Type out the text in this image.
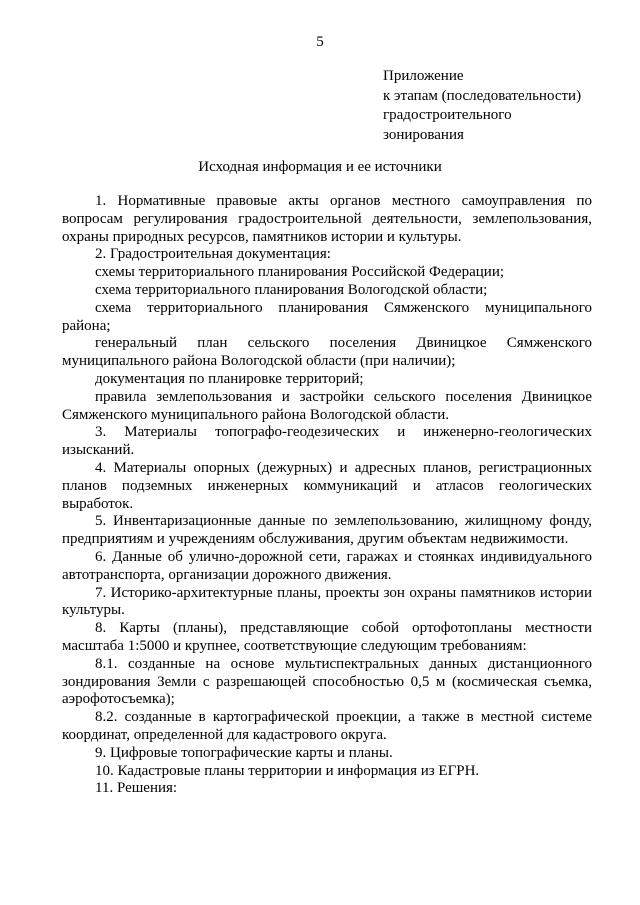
5
Приложение
к этапам (последовательности)
градостроительного
зонирования
Исходная информация и ее источники

1. Нормативные правовые акты органов местного самоуправления по вопросам регулирования градостроительной деятельности, землепользования, охраны природных ресурсов, памятников истории и культуры.

2. Градостроительная документация:

схемы территориального планирования Российской Федерации;

схема территориального планирования Вологодской области;

схема территориального планирования Сямженского муниципального района;

генеральный план сельского поселения Двиницкое Сямженского муниципального района Вологодской области (при наличии);

документация по планировке территорий;

правила землепользования и застройки сельского поселения Двиницкое Сямженского муниципального района Вологодской области.

3. Материалы топографо-геодезических и инженерно-геологических изысканий.

4. Материалы опорных (дежурных) и адресных планов, регистрационных планов подземных инженерных коммуникаций и атласов геологических выработок.

5. Инвентаризационные данные по землепользованию, жилищному фонду, предприятиям и учреждениям обслуживания, другим объектам недвижимости.

6. Данные об улично-дорожной сети, гаражах и стоянках индивидуального автотранспорта, организации дорожного движения.

7. Историко-архитектурные планы, проекты зон охраны памятников истории культуры.

8. Карты (планы), представляющие собой ортофотопланы местности масштаба 1:5000 и крупнее, соответствующие следующим требованиям:

8.1. созданные на основе мультиспектральных данных дистанционного зондирования Земли с разрешающей способностью 0,5 м (космическая съемка, аэрофотосъемка);

8.2. созданные в картографической проекции, а также в местной системе координат, определенной для кадастрового округа.

9. Цифровые топографические карты и планы.

10. Кадастровые планы территории и информация из ЕГРН.

11. Решения:
